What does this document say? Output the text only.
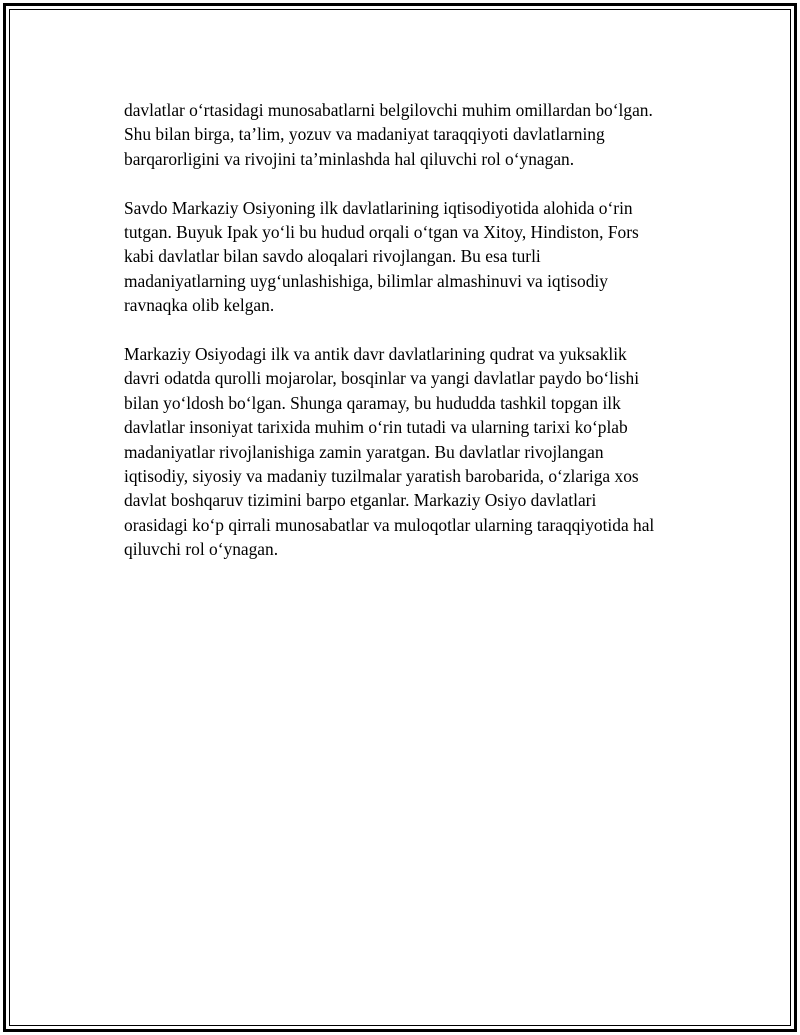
davlatlar o‘rtasidagi munosabatlarni belgilovchi muhim omillardan bo‘lgan.
Shu bilan birga, ta’lim, yozuv va madaniyat taraqqiyoti davlatlarning
barqarorligini va rivojini ta’minlashda hal qiluvchi rol o‘ynagan.

Savdo Markaziy Osiyoning ilk davlatlarining iqtisodiyotida alohida o‘rin
tutgan. Buyuk Ipak yo‘li bu hudud orqali o‘tgan va Xitoy, Hindiston, Fors
kabi davlatlar bilan savdo aloqalari rivojlangan. Bu esa turli
madaniyatlarning uyg‘unlashishiga, bilimlar almashinuvi va iqtisodiy
ravnaqka olib kelgan.

Markaziy Osiyodagi ilk va antik davr davlatlarining qudrat va yuksaklik
davri odatda qurolli mojarolar, bosqinlar va yangi davlatlar paydo bo‘lishi
bilan yo‘ldosh bo‘lgan. Shunga qaramay, bu hududda tashkil topgan ilk
davlatlar insoniyat tarixida muhim o‘rin tutadi va ularning tarixi ko‘plab
madaniyatlar rivojlanishiga zamin yaratgan. Bu davlatlar rivojlangan
iqtisodiy, siyosiy va madaniy tuzilmalar yaratish barobarida, o‘zlariga xos
davlat boshqaruv tizimini barpo etganlar. Markaziy Osiyo davlatlari
orasidagi ko‘p qirrali munosabatlar va muloqotlar ularning taraqqiyotida hal
qiluvchi rol o‘ynagan.
